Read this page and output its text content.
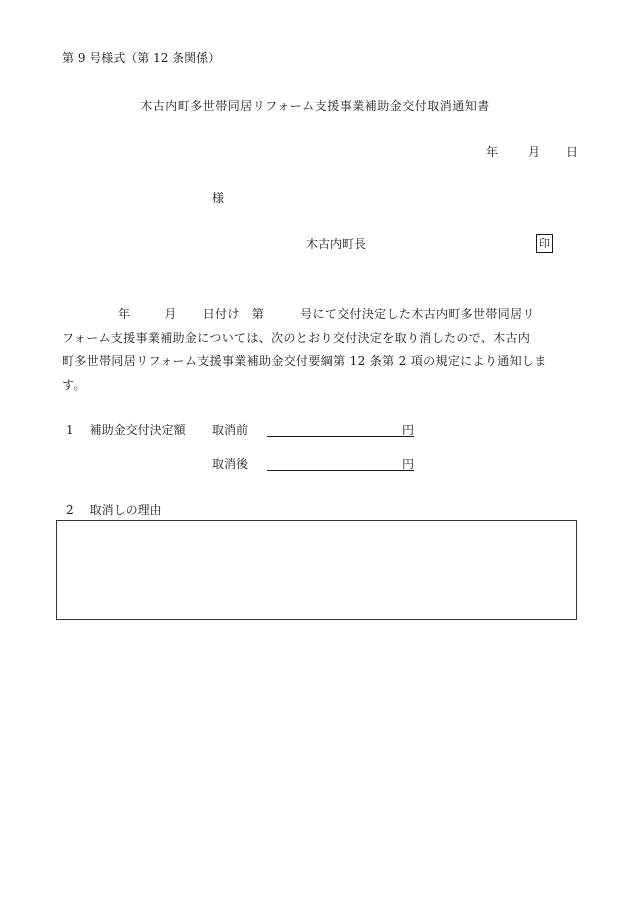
第 9 号様式（第 12 条関係）
木古内町多世帯同居リフォーム支援事業補助金交付取消通知書
年	月 日
様
木古内町長	印
年	月 日付け 第	号にて交付決定した木古内町多世帯同居リ
フォーム支援事業補助金については、次のとおり交付決定を取り消したので、木古内
町多世帯同居リフォーム支援事業補助金交付要綱第 12 条第 2 項の規定により通知しま
す。
1 補助金交付決定額 取消前	円
取消後	円
2 取消しの理由
